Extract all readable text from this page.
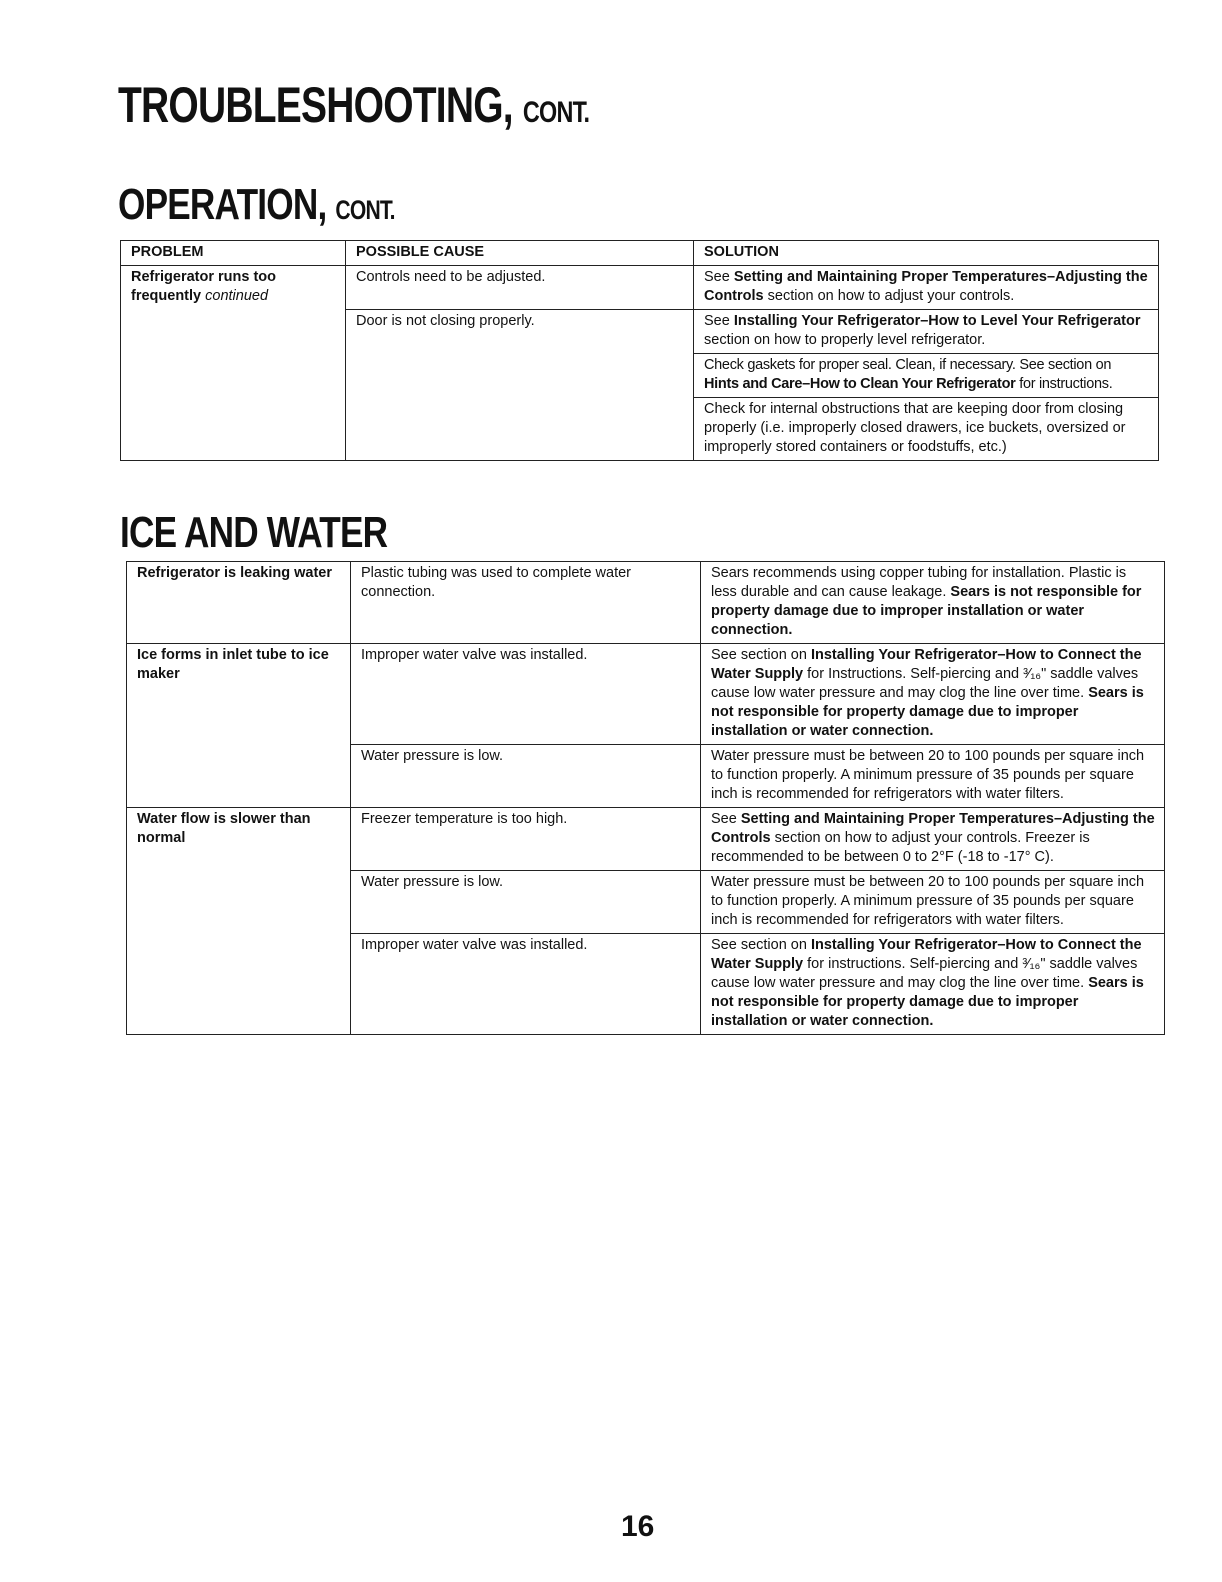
TROUBLESHOOTING, CONT.
OPERATION, CONT.
PROBLEM	POSSIBLE CAUSE	SOLUTION
Refrigerator runs too frequently continued	Controls need to be adjusted.	See Setting and Maintaining Proper Temperatures–Adjusting the Controls section on how to adjust your controls.
	Door is not closing properly.	See Installing Your Refrigerator–How to Level Your Refrigerator section on how to properly level refrigerator.
		Check gaskets for proper seal. Clean, if necessary. See section on Hints and Care–How to Clean Your Refrigerator for instructions.
		Check for internal obstructions that are keeping door from closing properly (i.e. improperly closed drawers, ice buckets, oversized or improperly stored containers or foodstuffs, etc.)
ICE AND WATER
Refrigerator is leaking water	Plastic tubing was used to complete water connection.	Sears recommends using copper tubing for installation. Plastic is less durable and can cause leakage. Sears is not responsible for property damage due to improper installation or water connection.
Ice forms in inlet tube to ice maker	Improper water valve was installed.	See section on Installing Your Refrigerator–How to Connect the Water Supply for Instructions. Self-piercing and ³⁄₁₆" saddle valves cause low water pressure and may clog the line over time. Sears is not responsible for property damage due to improper installation or water connection.
	Water pressure is low.	Water pressure must be between 20 to 100 pounds per square inch to function properly. A minimum pressure of 35 pounds per square inch is recommended for refrigerators with water filters.
Water flow is slower than normal	Freezer temperature is too high.	See Setting and Maintaining Proper Temperatures–Adjusting the Controls section on how to adjust your controls. Freezer is recommended to be between 0 to 2°F (-18 to -17° C).
	Water pressure is low.	Water pressure must be between 20 to 100 pounds per square inch to function properly. A minimum pressure of 35 pounds per square inch is recommended for refrigerators with water filters.
	Improper water valve was installed.	See section on Installing Your Refrigerator–How to Connect the Water Supply for instructions. Self-piercing and ³⁄₁₆" saddle valves cause low water pressure and may clog the line over time. Sears is not responsible for property damage due to improper installation or water connection.
16
